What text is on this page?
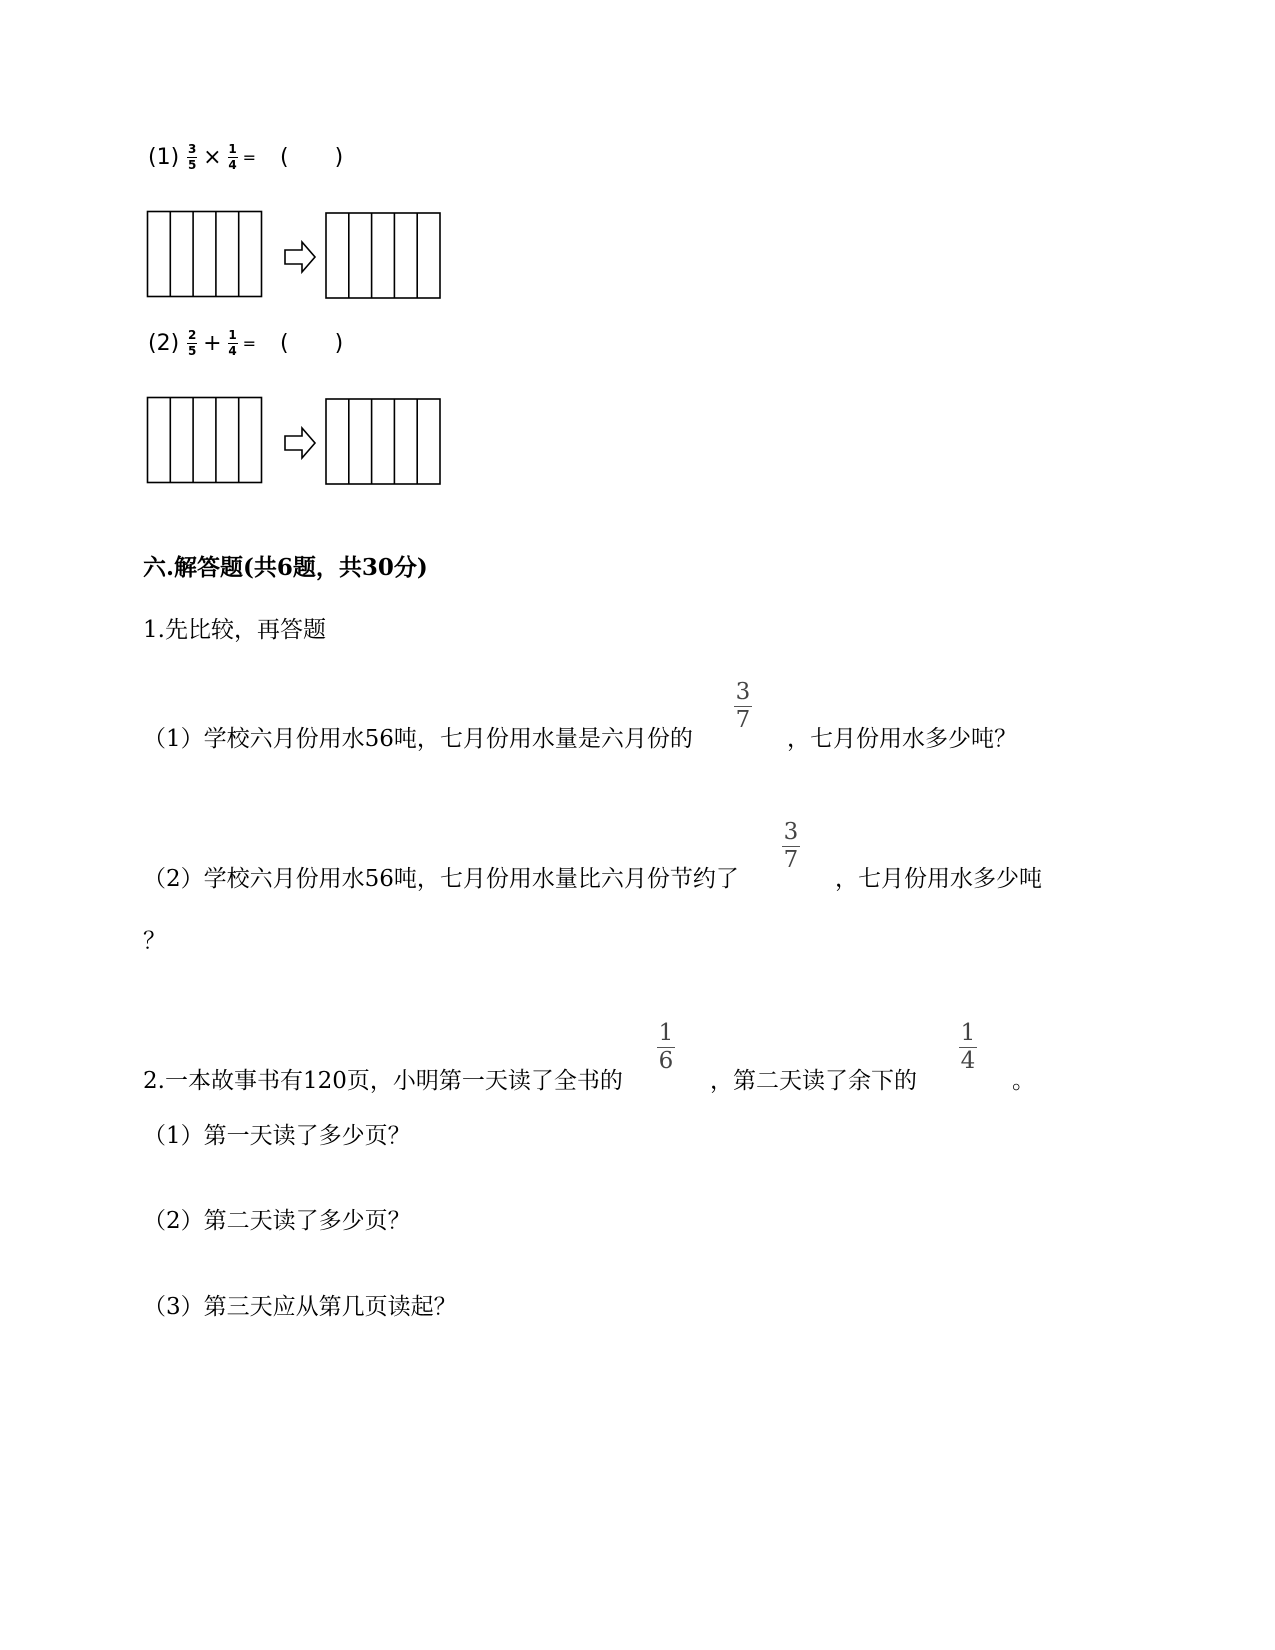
$(1) \frac{3}{5} \times \frac{1}{4}$ = ( )
$(2) \frac{2}{5} + \frac{1}{4}$ = ( )
六.解答题(共6题，共30分)
1.先比较，再答题
（1）学校六月份用水56吨，七月份用水量是六月份的
3
7
，七月份用水多少吨？
（2）学校六月份用水56吨，七月份用水量比六月份节约了
3
7
，七月份用水多少吨
？
2.一本故事书有120页，小明第一天读了全书的
1
6
，第二天读了余下的
1
4
。
（1）第一天读了多少页？
（2）第二天读了多少页？
（3）第三天应从第几页读起？
